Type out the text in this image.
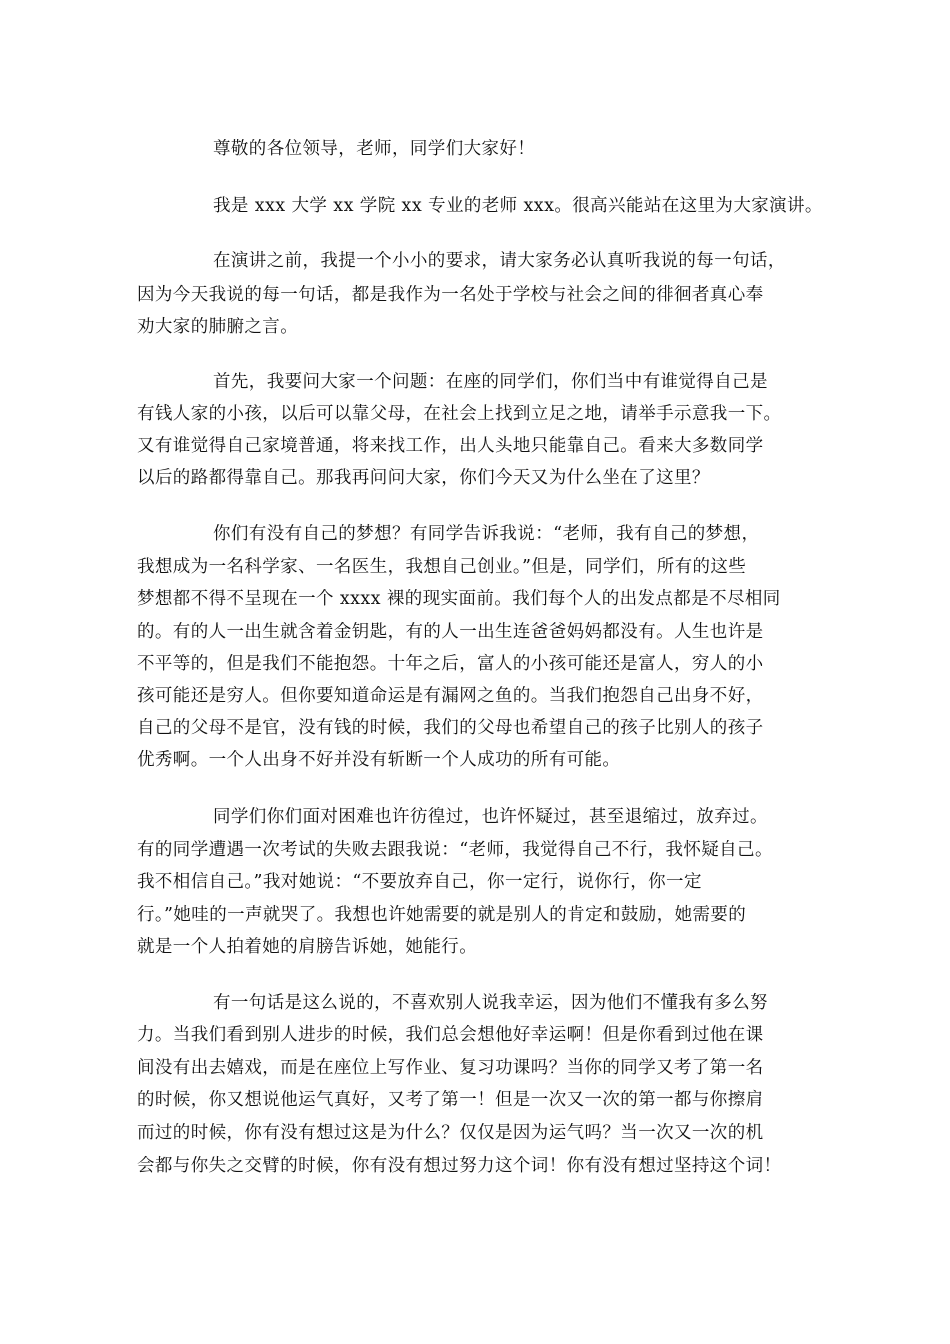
尊敬的各位领导，老师，同学们大家好！
我是 xxx 大学 xx 学院 xx 专业的老师 xxx。很高兴能站在这里为大家演讲。
在演讲之前，我提一个小小的要求，请大家务必认真听我说的每一句话，
因为今天我说的每一句话，都是我作为一名处于学校与社会之间的徘徊者真心奉
劝大家的肺腑之言。
首先，我要问大家一个问题：在座的同学们，你们当中有谁觉得自己是
有钱人家的小孩，以后可以靠父母，在社会上找到立足之地，请举手示意我一下。
又有谁觉得自己家境普通，将来找工作，出人头地只能靠自己。看来大多数同学
以后的路都得靠自己。那我再问问大家，你们今天又为什么坐在了这里？
你们有没有自己的梦想？有同学告诉我说：“老师，我有自己的梦想，
我想成为一名科学家、一名医生，我想自己创业。”但是，同学们，所有的这些
梦想都不得不呈现在一个 xxxx 裸的现实面前。我们每个人的出发点都是不尽相同
的。有的人一出生就含着金钥匙，有的人一出生连爸爸妈妈都没有。人生也许是
不平等的，但是我们不能抱怨。十年之后，富人的小孩可能还是富人，穷人的小
孩可能还是穷人。但你要知道命运是有漏网之鱼的。当我们抱怨自己出身不好，
自己的父母不是官，没有钱的时候，我们的父母也希望自己的孩子比别人的孩子
优秀啊。一个人出身不好并没有斩断一个人成功的所有可能。
同学们你们面对困难也许彷徨过，也许怀疑过，甚至退缩过，放弃过。
有的同学遭遇一次考试的失败去跟我说：“老师，我觉得自己不行，我怀疑自己。
我不相信自己。”我对她说：“不要放弃自己，你一定行，说你行，你一定
行。”她哇的一声就哭了。我想也许她需要的就是别人的肯定和鼓励，她需要的
就是一个人拍着她的肩膀告诉她，她能行。
有一句话是这么说的，不喜欢别人说我幸运，因为他们不懂我有多么努
力。当我们看到别人进步的时候，我们总会想他好幸运啊！但是你看到过他在课
间没有出去嬉戏，而是在座位上写作业、复习功课吗？当你的同学又考了第一名
的时候，你又想说他运气真好，又考了第一！但是一次又一次的第一都与你擦肩
而过的时候，你有没有想过这是为什么？仅仅是因为运气吗？当一次又一次的机
会都与你失之交臂的时候，你有没有想过努力这个词！你有没有想过坚持这个词！
